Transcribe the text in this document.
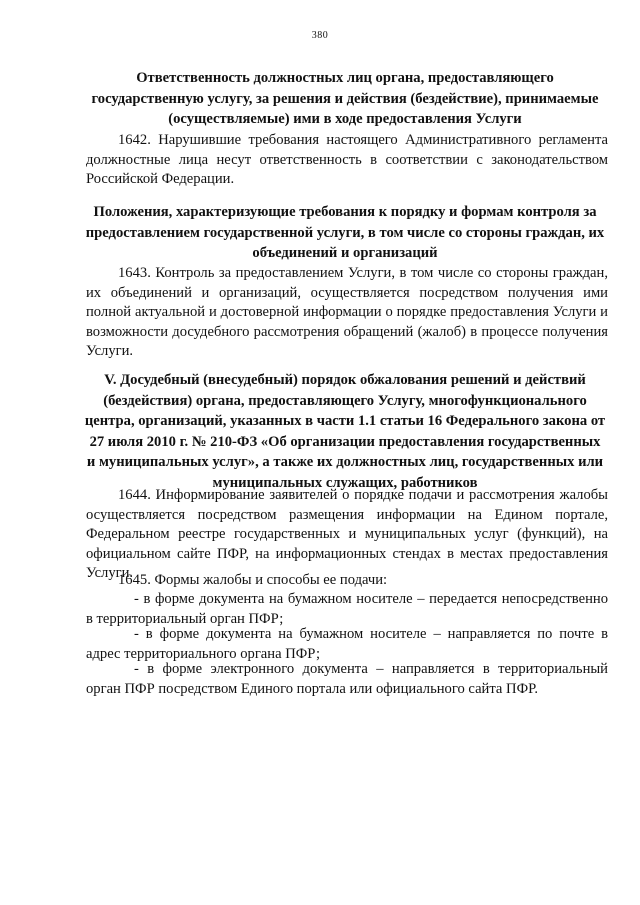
380
Ответственность должностных лиц органа, предоставляющего государственную услугу, за решения и действия (бездействие), принимаемые (осуществляемые) ими в ходе предоставления Услуги
1642. Нарушившие требования настоящего Административного регламента должностные лица несут ответственность в соответствии с законодательством Российской Федерации.
Положения, характеризующие требования к порядку и формам контроля за предоставлением государственной услуги, в том числе со стороны граждан, их объединений и организаций
1643. Контроль за предоставлением Услуги, в том числе со стороны граждан, их объединений и организаций, осуществляется посредством получения ими полной актуальной и достоверной информации о порядке предоставления Услуги и возможности досудебного рассмотрения обращений (жалоб) в процессе получения Услуги.
V. Досудебный (внесудебный) порядок обжалования решений и действий (бездействия) органа, предоставляющего Услугу, многофункционального центра, организаций, указанных в части 1.1 статьи 16 Федерального закона от 27 июля 2010 г. № 210-ФЗ «Об организации предоставления государственных и муниципальных услуг», а также их должностных лиц, государственных или муниципальных служащих, работников
1644. Информирование заявителей о порядке подачи и рассмотрения жалобы осуществляется посредством размещения информации на Едином портале, Федеральном реестре государственных и муниципальных услуг (функций), на официальном сайте ПФР, на информационных стендах в местах предоставления Услуги.
1645. Формы жалобы и способы ее подачи:
- в форме документа на бумажном носителе – передается непосредственно в территориальный орган ПФР;
- в форме документа на бумажном носителе – направляется по почте в адрес территориального органа ПФР;
- в форме электронного документа – направляется в территориальный орган ПФР посредством Единого портала или официального сайта ПФР.
